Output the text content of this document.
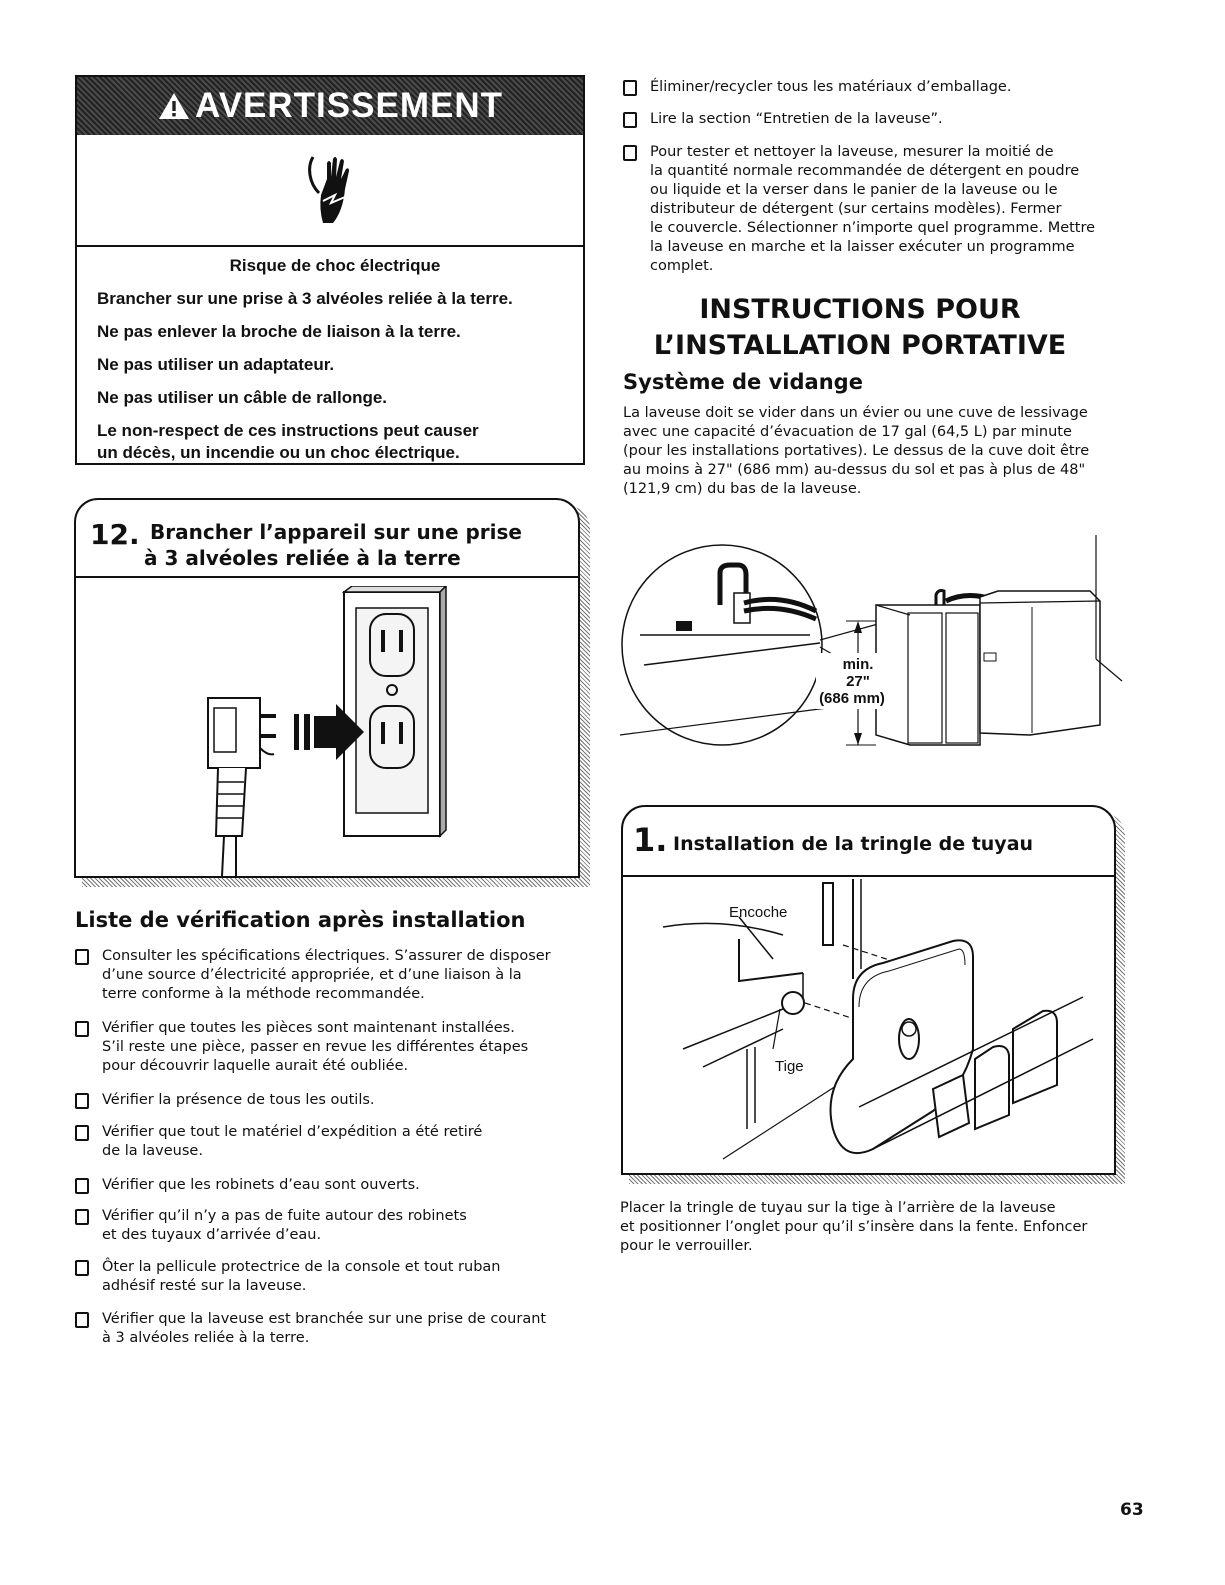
AVERTISSEMENT
Risque de choc électrique
Brancher sur une prise à 3 alvéoles reliée à la terre.
Ne pas enlever la broche de liaison à la terre.
Ne pas utiliser un adaptateur.
Ne pas utiliser un câble de rallonge.
Le non-respect de ces instructions peut causer
un décès, un incendie ou un choc électrique.
12. Brancher l’appareil sur une prise
à 3 alvéoles reliée à la terre
Liste de vérification après installation
Consulter les spécifications électriques. S’assurer de disposer
d’une source d’électricité appropriée, et d’une liaison à la
terre conforme à la méthode recommandée.
Vérifier que toutes les pièces sont maintenant installées.
S’il reste une pièce, passer en revue les différentes étapes
pour découvrir laquelle aurait été oubliée.
Vérifier la présence de tous les outils.
Vérifier que tout le matériel d’expédition a été retiré
de la laveuse.
Vérifier que les robinets d’eau sont ouverts.
Vérifier qu’il n’y a pas de fuite autour des robinets
et des tuyaux d’arrivée d’eau.
Ôter la pellicule protectrice de la console et tout ruban
adhésif resté sur la laveuse.
Vérifier que la laveuse est branchée sur une prise de courant
à 3 alvéoles reliée à la terre.
Éliminer/recycler tous les matériaux d’emballage.
Lire la section “Entretien de la laveuse”.
Pour tester et nettoyer la laveuse, mesurer la moitié de
la quantité normale recommandée de détergent en poudre
ou liquide et la verser dans le panier de la laveuse ou le
distributeur de détergent (sur certains modèles). Fermer
le couvercle. Sélectionner n’importe quel programme. Mettre
la laveuse en marche et la laisser exécuter un programme
complet.
INSTRUCTIONS POUR
L’INSTALLATION PORTATIVE
Système de vidange
La laveuse doit se vider dans un évier ou une cuve de lessivage
avec une capacité d’évacuation de 17 gal (64,5 L) par minute
(pour les installations portatives). Le dessus de la cuve doit être
au moins à 27" (686 mm) au-dessus du sol et pas à plus de 48"
(121,9 cm) du bas de la laveuse.
min.
27"
(686 mm)
1. Installation de la tringle de tuyau
Encoche
Tige
Placer la tringle de tuyau sur la tige à l’arrière de la laveuse
et positionner l’onglet pour qu’il s’insère dans la fente. Enfoncer
pour le verrouiller.
63
